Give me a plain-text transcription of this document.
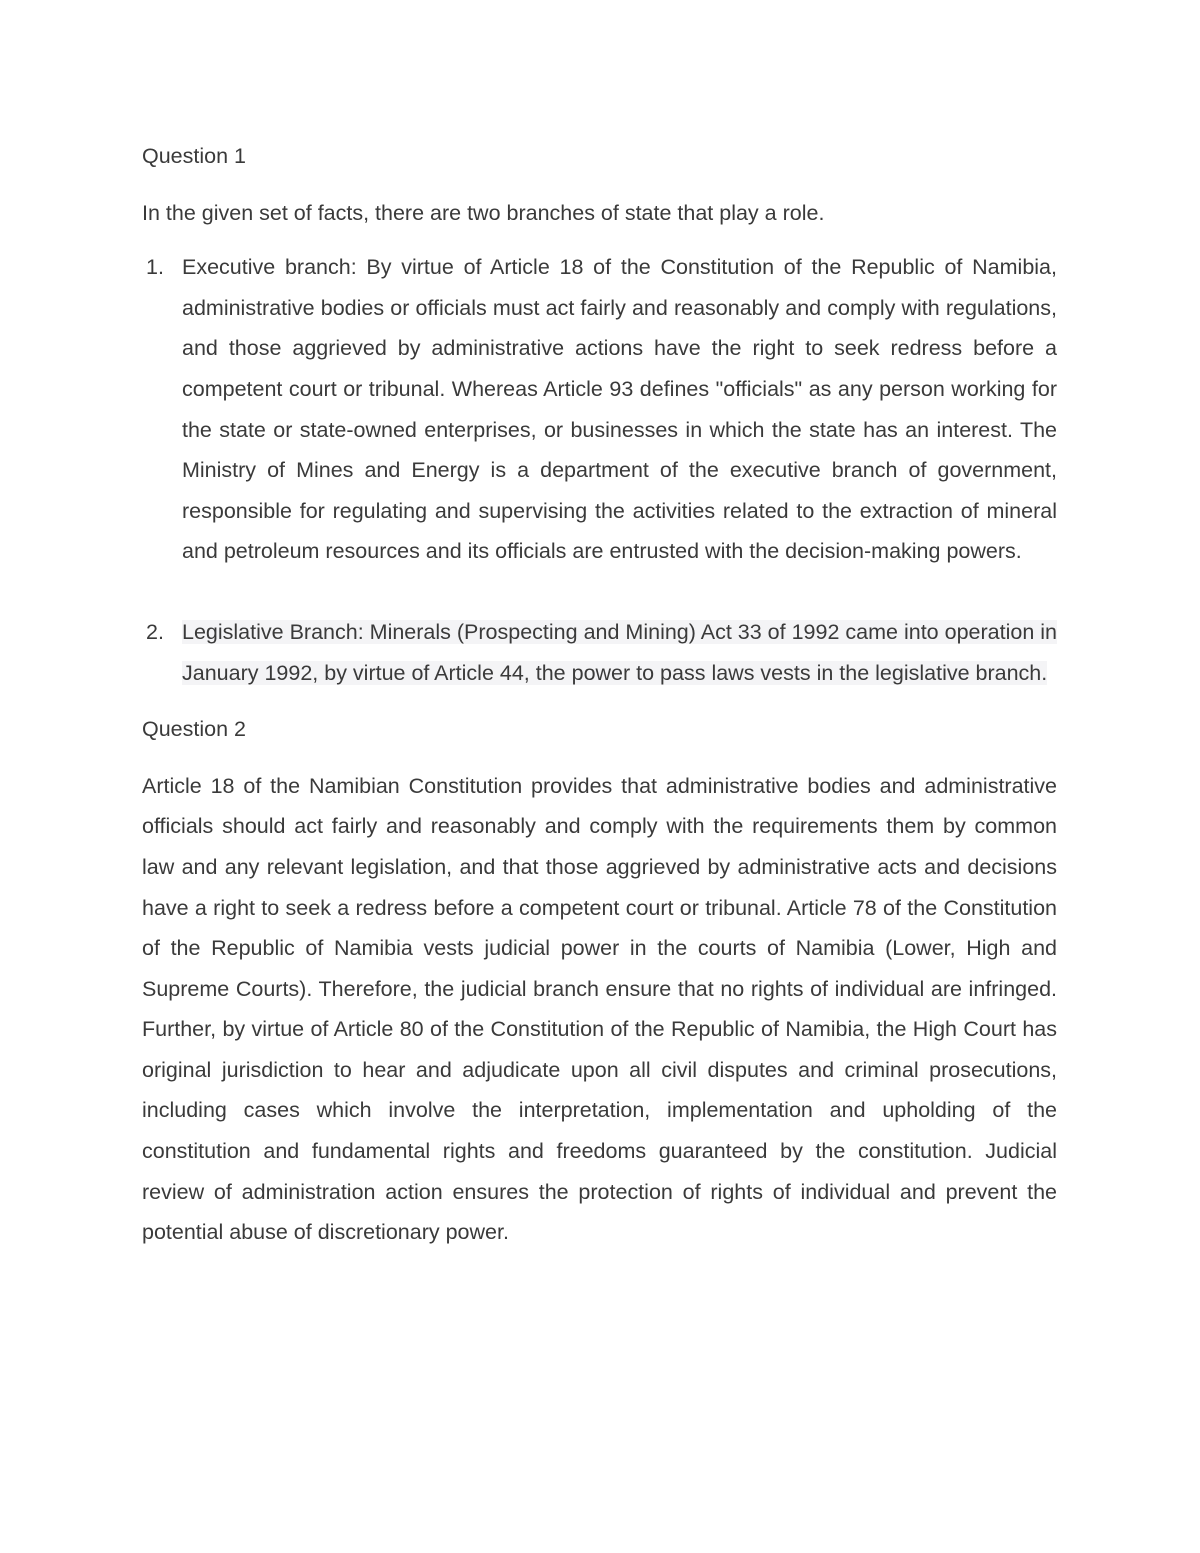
Question 1

In the given set of facts, there are two branches of state that play a role.

1. Executive branch: By virtue of Article 18 of the Constitution of the Republic of Namibia, administrative bodies or officials must act fairly and reasonably and comply with regulations, and those aggrieved by administrative actions have the right to seek redress before a competent court or tribunal. Whereas Article 93 defines "officials" as any person working for the state or state-owned enterprises, or businesses in which the state has an interest. The Ministry of Mines and Energy is a department of the executive branch of government, responsible for regulating and supervising the activities related to the extraction of mineral and petroleum resources and its officials are entrusted with the decision-making powers.

2. Legislative Branch: Minerals (Prospecting and Mining) Act 33 of 1992 came into operation in January 1992, by virtue of Article 44, the power to pass laws vests in the legislative branch.

Question 2

Article 18 of the Namibian Constitution provides that administrative bodies and administrative officials should act fairly and reasonably and comply with the requirements them by common law and any relevant legislation, and that those aggrieved by administrative acts and decisions have a right to seek a redress before a competent court or tribunal. Article 78 of the Constitution of the Republic of Namibia vests judicial power in the courts of Namibia (Lower, High and Supreme Courts). Therefore, the judicial branch ensure that no rights of individual are infringed. Further, by virtue of Article 80 of the Constitution of the Republic of Namibia, the High Court has original jurisdiction to hear and adjudicate upon all civil disputes and criminal prosecutions, including cases which involve the interpretation, implementation and upholding of the constitution and fundamental rights and freedoms guaranteed by the constitution. Judicial review of administration action ensures the protection of rights of individual and prevent the potential abuse of discretionary power.
